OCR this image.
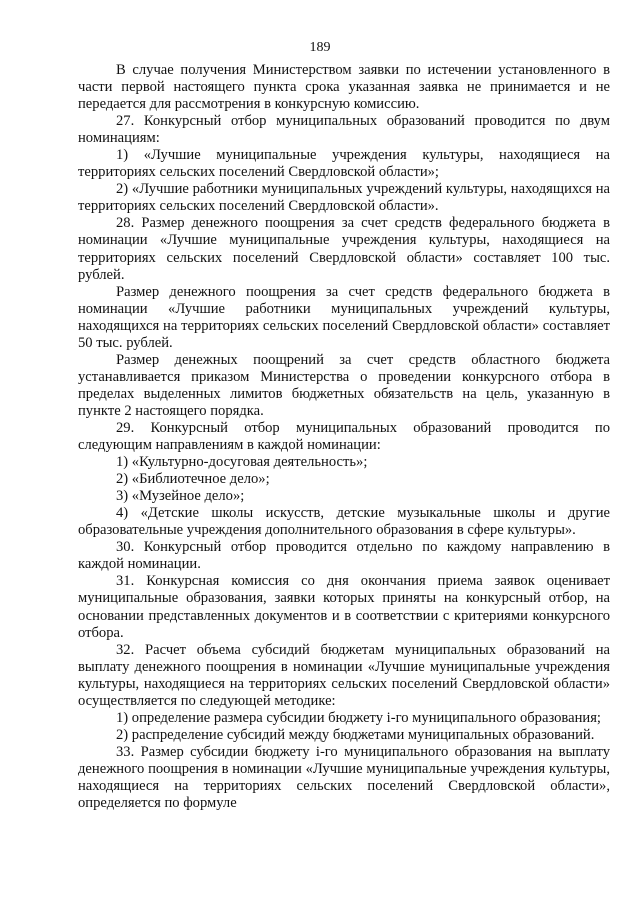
189

В случае получения Министерством заявки по истечении установленного в части первой настоящего пункта срока указанная заявка не принимается и не передается для рассмотрения в конкурсную комиссию.

27. Конкурсный отбор муниципальных образований проводится по двум номинациям:

1) «Лучшие муниципальные учреждения культуры, находящиеся на территориях сельских поселений Свердловской области»;

2) «Лучшие работники муниципальных учреждений культуры, находящихся на территориях сельских поселений Свердловской области».

28. Размер денежного поощрения за счет средств федерального бюджета в номинации «Лучшие муниципальные учреждения культуры, находящиеся на территориях сельских поселений Свердловской области» составляет 100 тыс. рублей.

Размер денежного поощрения за счет средств федерального бюджета в номинации «Лучшие работники муниципальных учреждений культуры, находящихся на территориях сельских поселений Свердловской области» составляет 50 тыс. рублей.

Размер денежных поощрений за счет средств областного бюджета устанавливается приказом Министерства о проведении конкурсного отбора в пределах выделенных лимитов бюджетных обязательств на цель, указанную в пункте 2 настоящего порядка.

29. Конкурсный отбор муниципальных образований проводится по следующим направлениям в каждой номинации:

1) «Культурно-досуговая деятельность»;

2) «Библиотечное дело»;

3) «Музейное дело»;

4) «Детские школы искусств, детские музыкальные школы и другие образовательные учреждения дополнительного образования в сфере культуры».

30. Конкурсный отбор проводится отдельно по каждому направлению в каждой номинации.

31. Конкурсная комиссия со дня окончания приема заявок оценивает муниципальные образования, заявки которых приняты на конкурсный отбор, на основании представленных документов и в соответствии с критериями конкурсного отбора.

32. Расчет объема субсидий бюджетам муниципальных образований на выплату денежного поощрения в номинации «Лучшие муниципальные учреждения культуры, находящиеся на территориях сельских поселений Свердловской области» осуществляется по следующей методике:

1) определение размера субсидии бюджету i-го муниципального образования;

2) распределение субсидий между бюджетами муниципальных образований.

33. Размер субсидии бюджету i-го муниципального образования на выплату денежного поощрения в номинации «Лучшие муниципальные учреждения культуры, находящиеся на территориях сельских поселений Свердловской области», определяется по формуле
